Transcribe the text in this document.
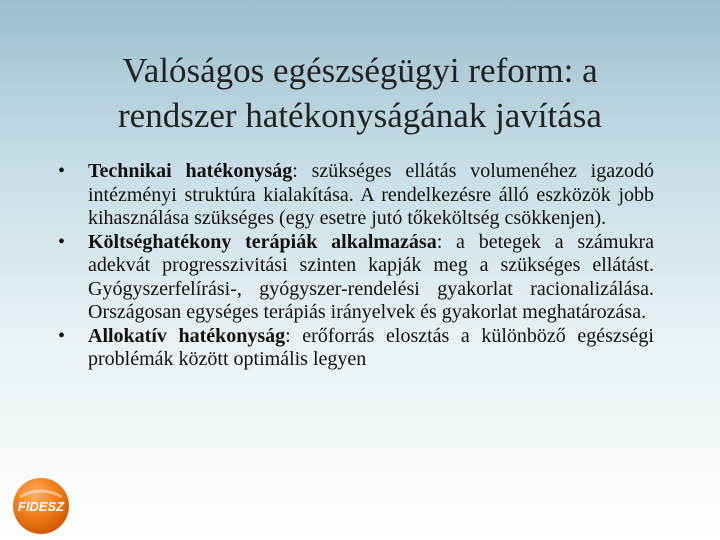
Valóságos egészségügyi reform: a
rendszer hatékonyságának javítása
• Technikai hatékonyság: szükséges ellátás volumenéhez igazodó intézményi struktúra kialakítása. A rendelkezésre álló eszközök jobb kihasználása szükséges (egy esetre jutó tőkeköltség csökkenjen).
• Költséghatékony terápiák alkalmazása: a betegek a számukra adekvát progresszivitási szinten kapják meg a szükséges ellátást. Gyógyszerfelírási-, gyógyszer-rendelési gyakorlat racionalizálása. Országosan egységes terápiás irányelvek és gyakorlat meghatározása.
• Allokatív hatékonyság: erőforrás elosztás a különböző egészségi problémák között optimális legyen
FIDESZ
